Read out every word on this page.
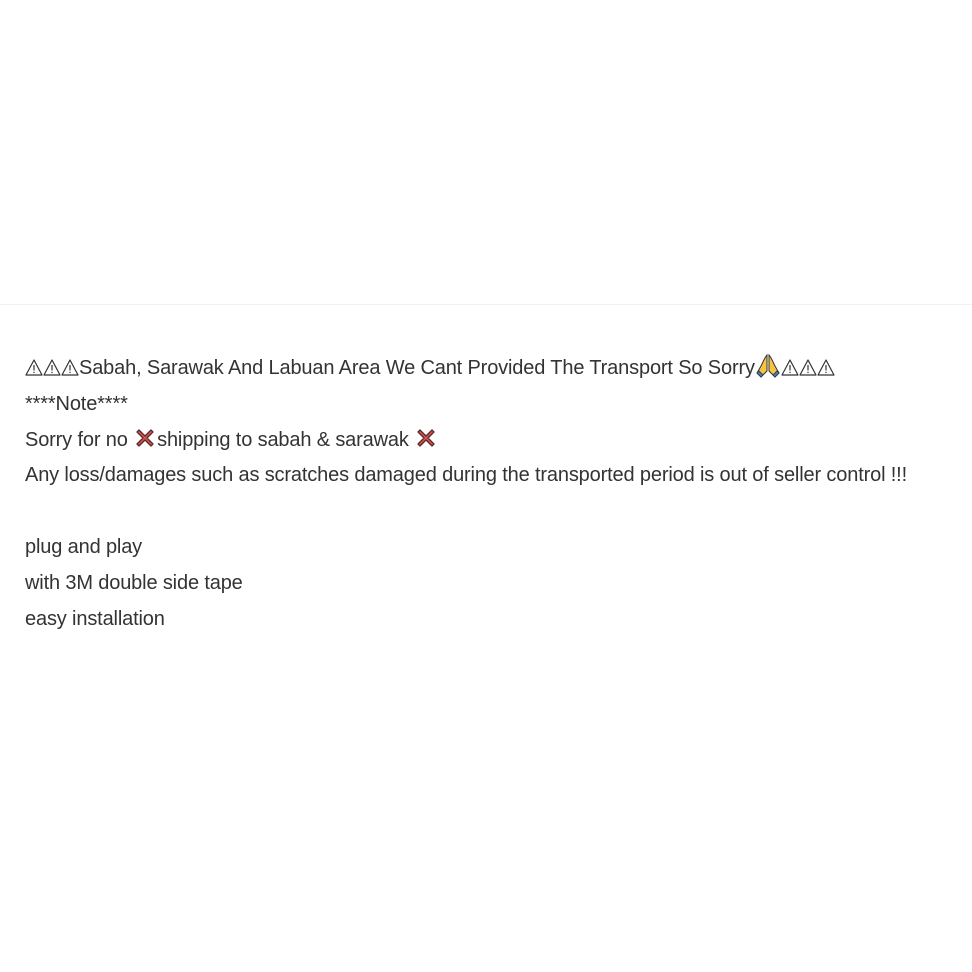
Sabah, Sarawak And Labuan Area We Cant Provided The Transport So Sorry
****Note****
Sorry for no shipping to sabah & sarawak
Any loss/damages such as scratches damaged during the transported period is out of seller control !!!
plug and play
with 3M double side tape
easy installation
